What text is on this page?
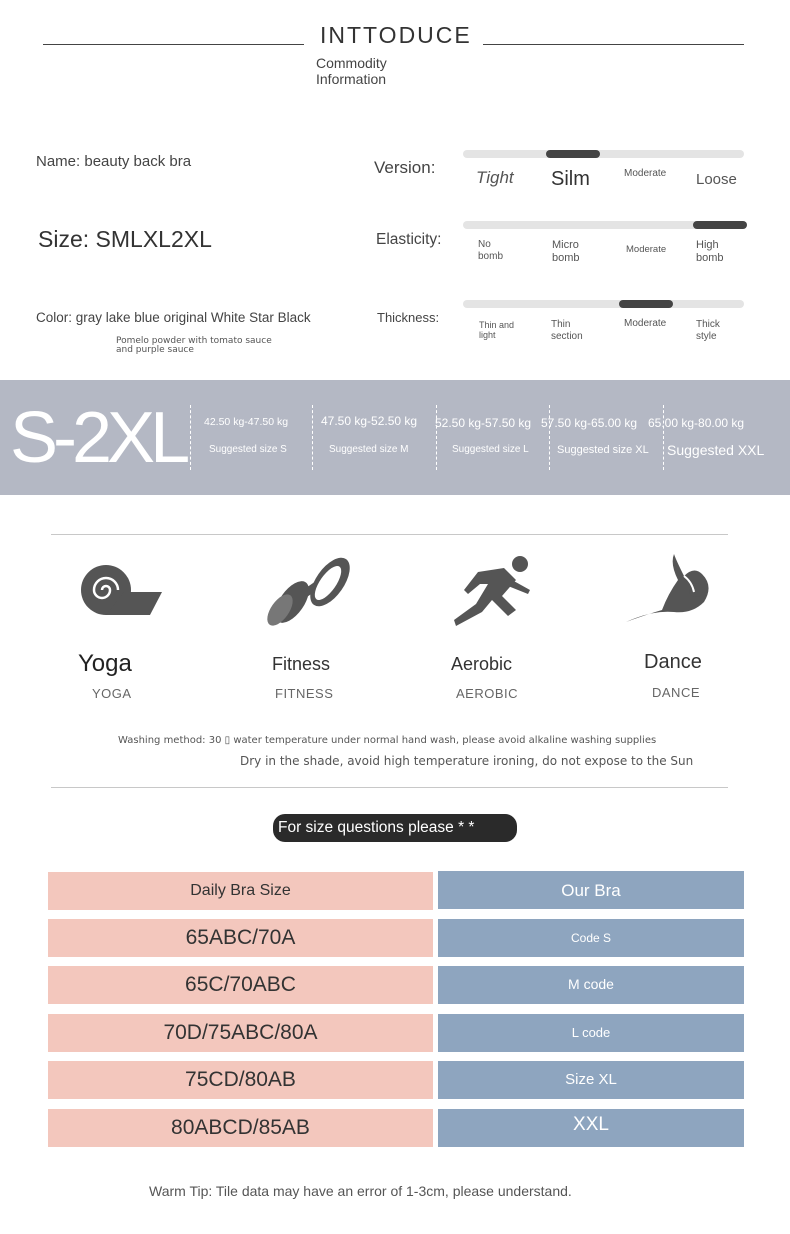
INTTODUCE
Commodity Information
Name: beauty back bra
Size: SMLXL2XL
Color: gray lake blue original White Star Black
Pomelo powder with tomato sauce and purple sauce
Version:
Tight Silm	Moderate Loose
Elasticity:	No bomb
Micro bomb
Moderate	High bomb
Thickness:	Thin and light
Thin section
Moderate	Thick style
S-2XL 42.50 kg-47.50 kg
Suggested size S
47.50 kg-52.50 kg
Suggested size M
52.50 kg-57.50 kg
Suggested size L
57.50 kg-65.00 kg
Suggested size XL
65.00 kg-80.00 kg
Suggested XXL
Yoga
YOGA
Fitness
FITNESS
Aerobic
AEROBIC
Dance
DANCE
Washing method: 30 ▯ water temperature under normal hand wash, please avoid alkaline washing supplies
Dry in the shade, avoid high temperature ironing, do not expose to the Sun
For size questions please * *
Daily Bra Size	Our Bra
65ABC/70A	Code S
65C/70ABC	M code
70D/75ABC/80A	L code
75CD/80AB	Size XL
80ABCD/85AB	XXL
Warm Tip: Tile data may have an error of 1-3cm, please understand.
